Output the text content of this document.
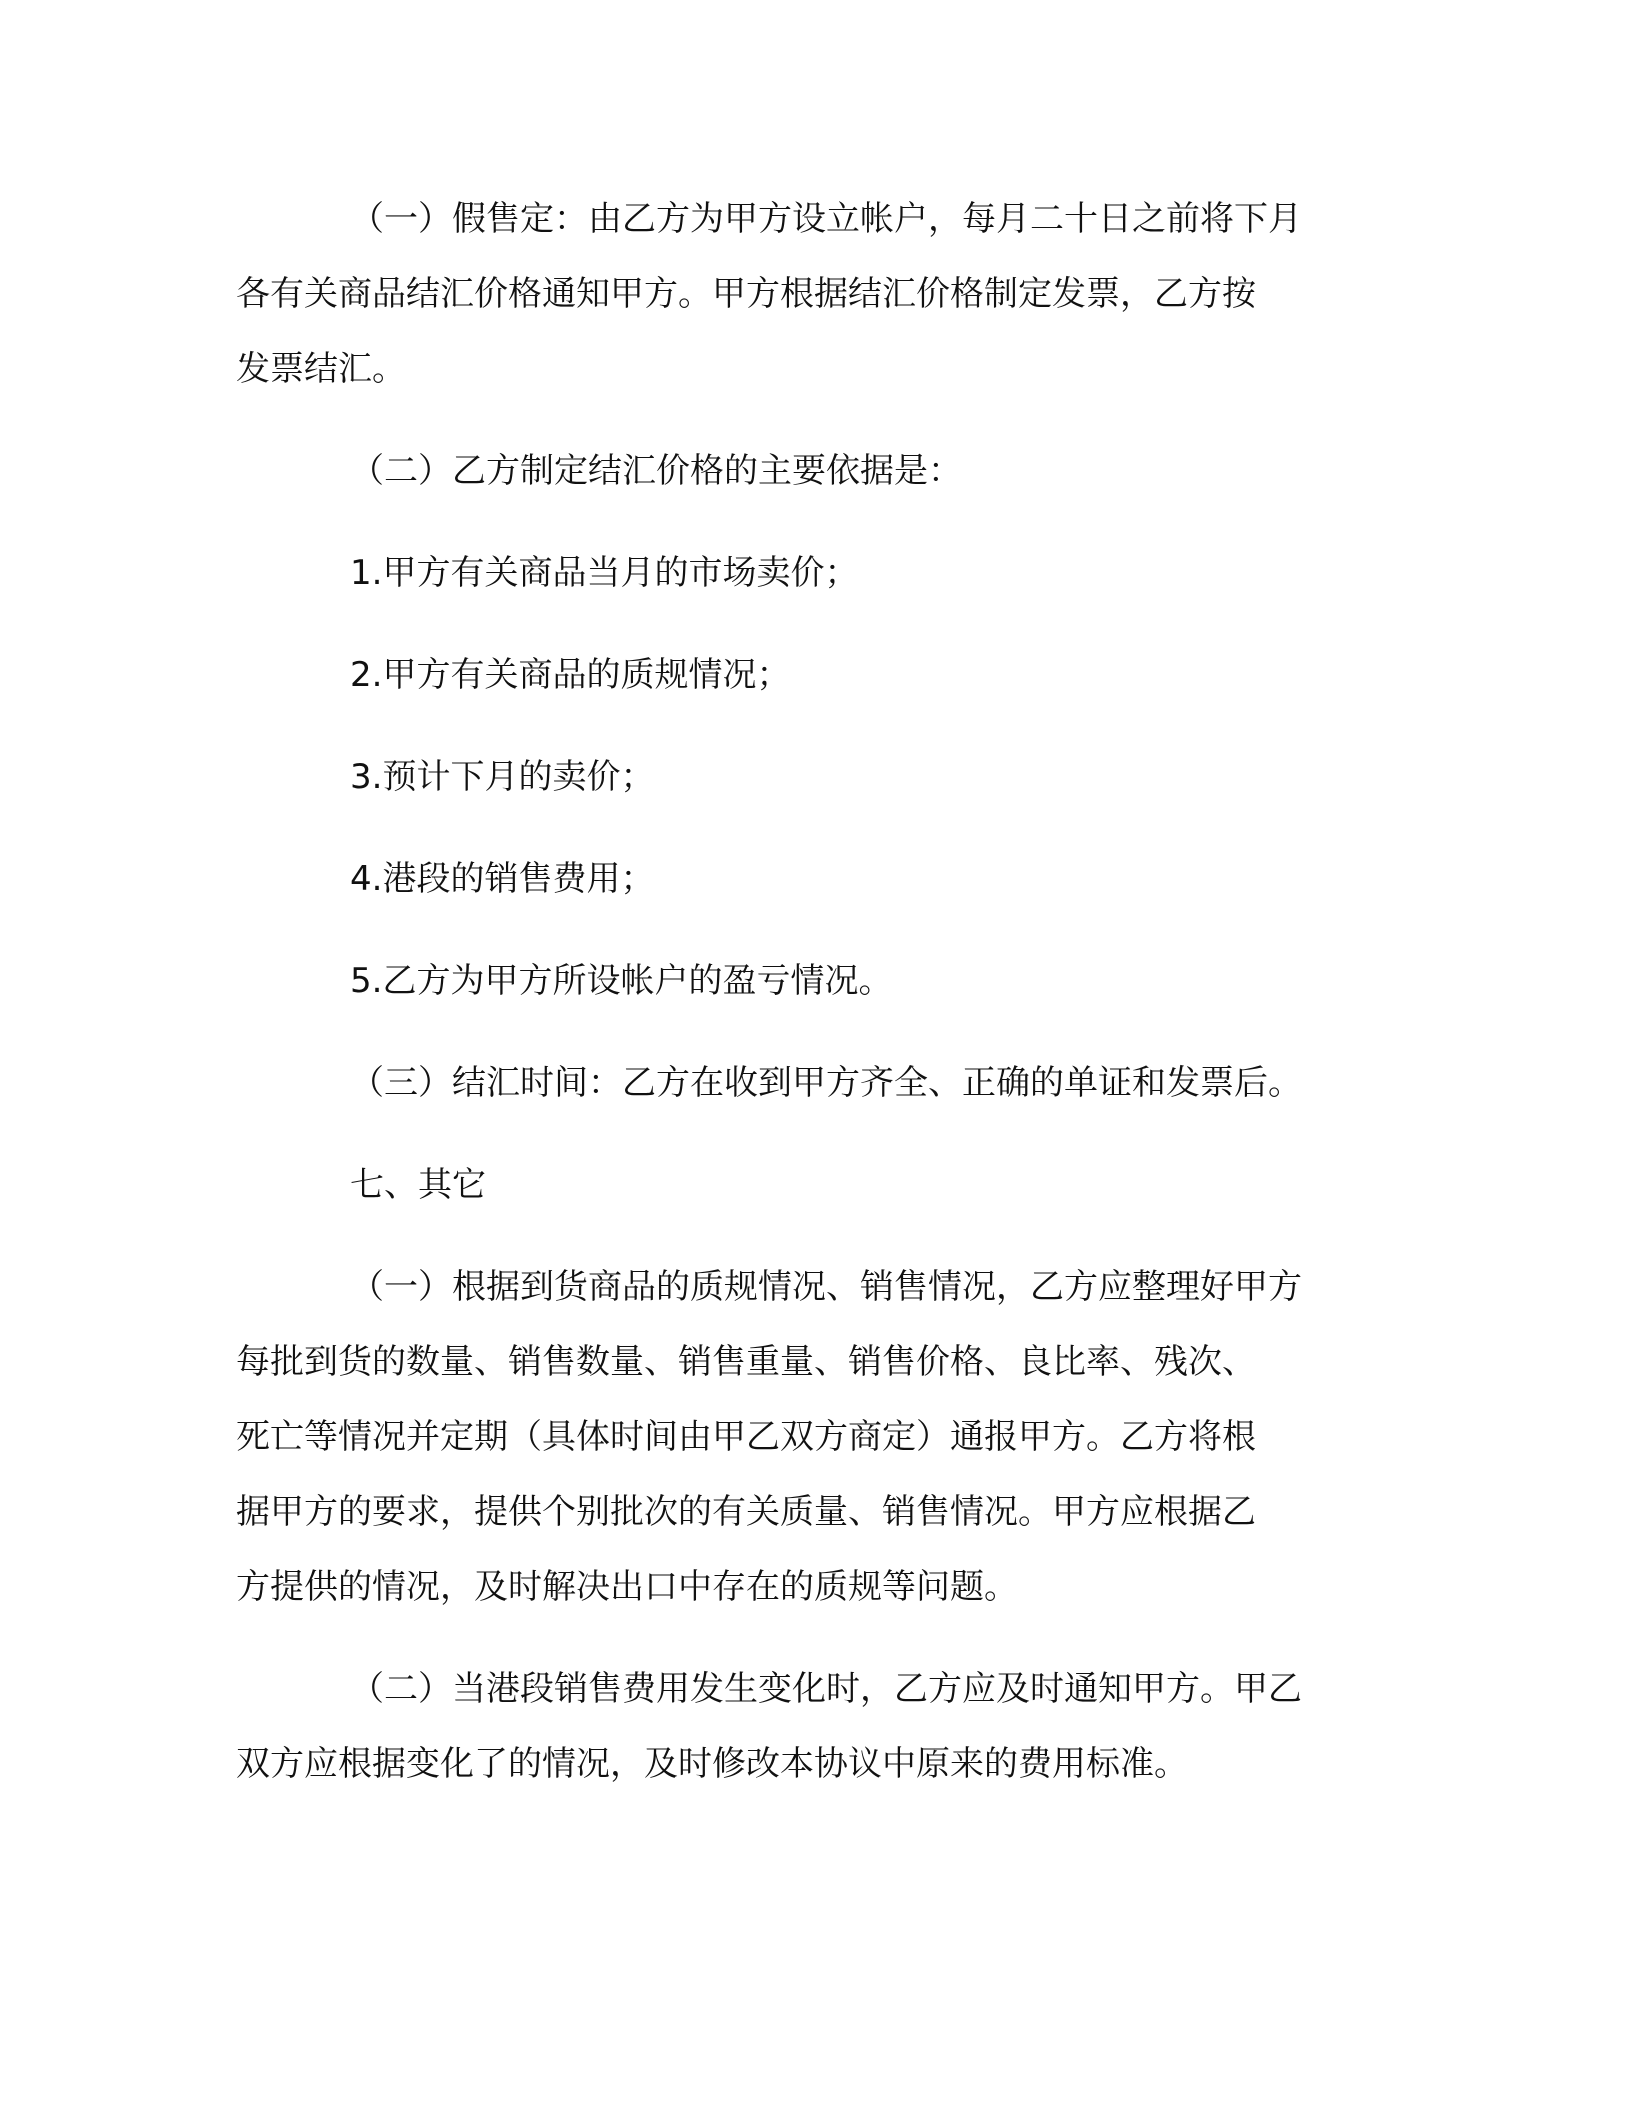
（一）假售定：由乙方为甲方设立帐户，每月二十日之前将下月

各有关商品结汇价格通知甲方。甲方根据结汇价格制定发票，乙方按

发票结汇。

（二）乙方制定结汇价格的主要依据是：

1.甲方有关商品当月的市场卖价；

2.甲方有关商品的质规情况；

3.预计下月的卖价；

4.港段的销售费用；

5.乙方为甲方所设帐户的盈亏情况。

（三）结汇时间：乙方在收到甲方齐全、正确的单证和发票后。

七、其它

（一）根据到货商品的质规情况、销售情况，乙方应整理好甲方

每批到货的数量、销售数量、销售重量、销售价格、良比率、残次、

死亡等情况并定期（具体时间由甲乙双方商定）通报甲方。乙方将根

据甲方的要求，提供个别批次的有关质量、销售情况。甲方应根据乙

方提供的情况，及时解决出口中存在的质规等问题。

（二）当港段销售费用发生变化时，乙方应及时通知甲方。甲乙

双方应根据变化了的情况，及时修改本协议中原来的费用标准。
